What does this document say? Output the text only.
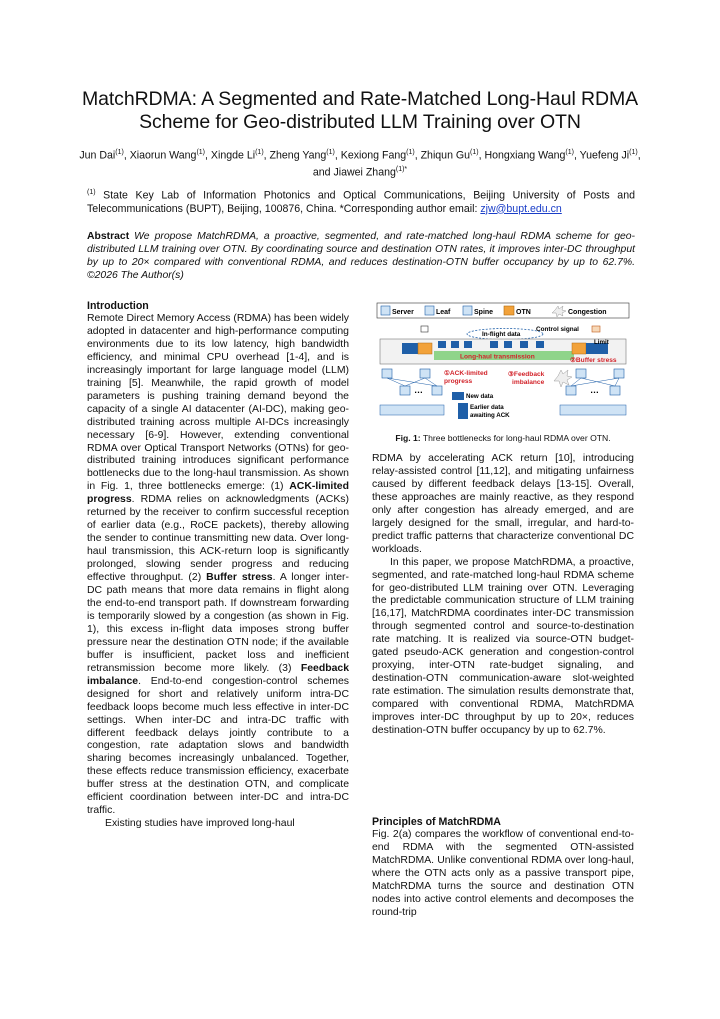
MatchRDMA: A Segmented and Rate-Matched Long-Haul RDMA Scheme for Geo-distributed LLM Training over OTN
Jun Dai$^{(1)}$, Xiaorun Wang$^{(1)}$, Xingde Li$^{(1)}$, Zheng Yang$^{(1)}$, Kexiong Fang$^{(1)}$, Zhiqun Gu$^{(1)}$, Hongxiang Wang$^{(1)}$, Yuefeng Ji$^{(1)}$, and Jiawei Zhang$^{(1)*}$
$^{(1)}$ State Key Lab of Information Photonics and Optical Communications, Beijing University of Posts and Telecommunications (BUPT), Beijing, 100876, China. *Corresponding author email: zjw@bupt.edu.cn
Abstract We propose MatchRDMA, a proactive, segmented, and rate-matched long-haul RDMA scheme for geo-distributed LLM training over OTN. By coordinating source and destination OTN rates, it improves inter-DC throughput by up to 20× compared with conventional RDMA, and reduces destination-OTN buffer occupancy by up to 62.7%. ©2026 The Author(s)
Introduction
Remote Direct Memory Access (RDMA) has been widely adopted in datacenter and high-performance computing environments due to its low latency, high bandwidth efficiency, and minimal CPU overhead [1-4], and is increasingly important for large language model (LLM) training [5]. Meanwhile, the rapid growth of model parameters is pushing training demand beyond the capacity of a single AI datacenter (AI-DC), making geo-distributed training across multiple AI-DCs increasingly necessary [6-9]. However, extending conventional RDMA over Optical Transport Networks (OTNs) for geo-distributed training introduces significant performance bottlenecks due to the long-haul transmission. As shown in Fig. 1, three bottlenecks emerge: (1) ACK-limited progress. RDMA relies on acknowledgments (ACKs) returned by the receiver to confirm successful reception of earlier data (e.g., RoCE packets), thereby allowing the sender to continue transmitting new data. Over long-haul transmission, this ACK-return loop is significantly prolonged, slowing sender progress and reducing effective throughput. (2) Buffer stress. A longer inter-DC path means that more data remains in flight along the end-to-end transport path. If downstream forwarding is temporarily slowed by a congestion (as shown in Fig. 1), this excess in-flight data imposes strong buffer pressure near the destination OTN node; if the available buffer is insufficient, packet loss and inefficient retransmission become more likely. (3) Feedback imbalance. End-to-end congestion-control schemes designed for short and relatively uniform intra-DC feedback loops become much less effective in inter-DC settings. When inter-DC and intra-DC traffic with different feedback delays jointly contribute to a congestion, rate adaptation slows and bandwidth sharing becomes increasingly unbalanced. Together, these effects reduce transmission efficiency, exacerbate buffer stress at the destination OTN, and complicate efficient coordination between inter-DC and intra-DC traffic.
Existing studies have improved long-haul
Server	Leaf	Spine	OTN	Congestion
In-flight data
Control signal
Long-haul transmission
Limit
②Buffer stress
…
①ACK-limited
progress
③Feedback
imbalance
New data
Earlier data
awaiting ACK
…
Fig. 1: Three bottlenecks for long-haul RDMA over OTN.
RDMA by accelerating ACK return [10], introducing relay-assisted control [11,12], and mitigating unfairness caused by different feedback delays [13-15]. Overall, these approaches are mainly reactive, as they respond only after congestion has already emerged, and are largely designed for the small, irregular, and hard-to-predict traffic patterns that characterize conventional DC workloads.
In this paper, we propose MatchRDMA, a proactive, segmented, and rate-matched long-haul RDMA scheme for geo-distributed LLM training over OTN. Leveraging the predictable communication structure of LLM training [16,17], MatchRDMA coordinates inter-DC transmission through segmented control and source-to-destination rate matching. It is realized via source-OTN budget-gated pseudo-ACK generation and congestion-control proxying, inter-OTN rate-budget signaling, and destination-OTN communication-aware slot-weighted rate estimation. The simulation results demonstrate that, compared with conventional RDMA, MatchRDMA improves inter-DC throughput by up to 20×, reduces destination-OTN buffer occupancy by up to 62.7%.
Principles of MatchRDMA
Fig. 2(a) compares the workflow of conventional end-to-end RDMA with the segmented OTN-assisted MatchRDMA. Unlike conventional RDMA over long-haul, where the OTN acts only as a passive transport pipe, MatchRDMA turns the source and destination OTN nodes into active control elements and decomposes the round-trip
